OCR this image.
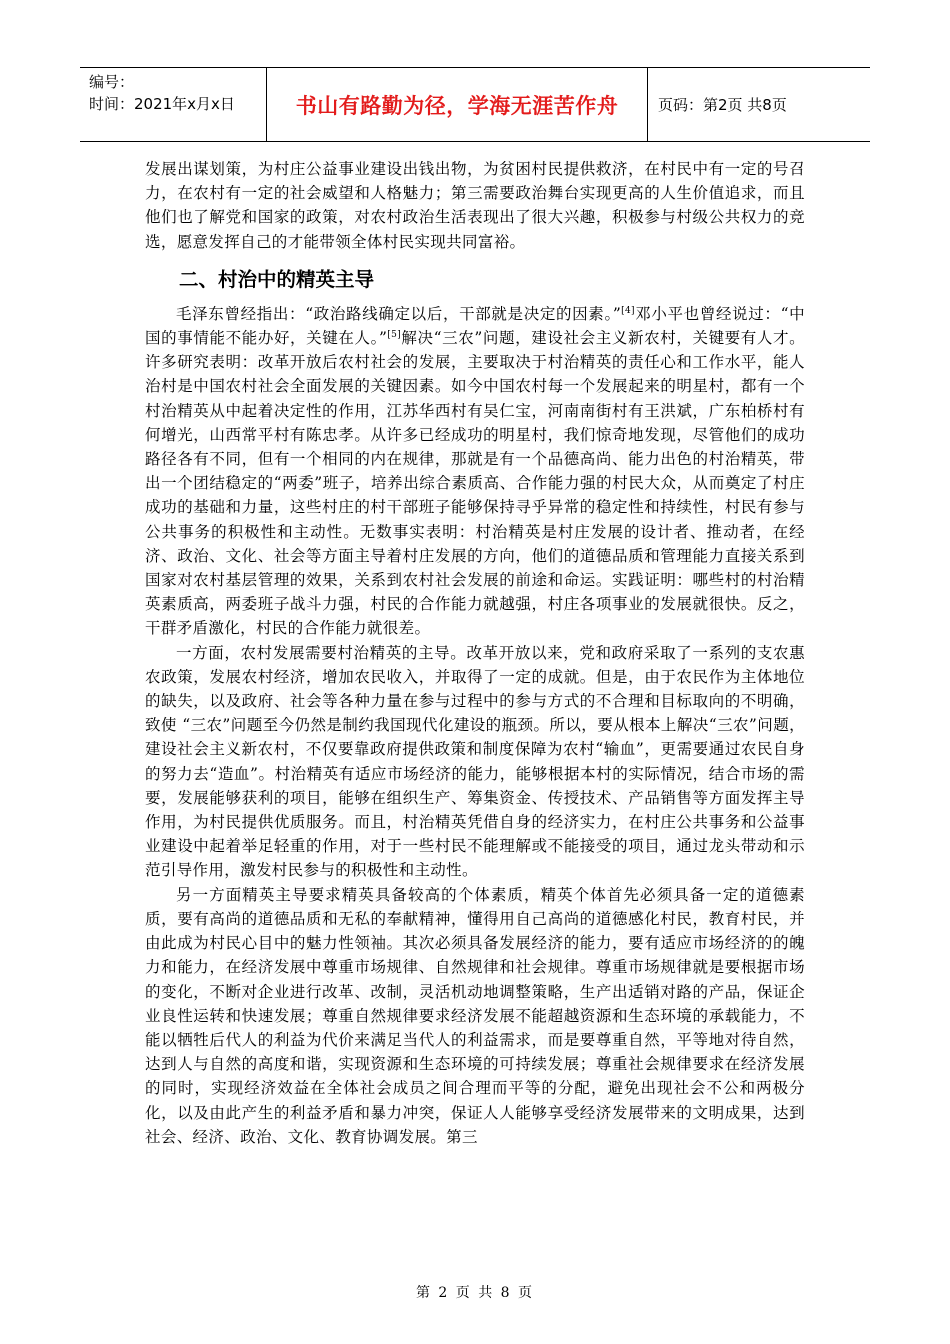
编号：
时间：2021年x月x日	书山有路勤为径，学海无涯苦作舟	页码：第2页 共8页

发展出谋划策，为村庄公益事业建设出钱出物，为贫困村民提供救济，在村民中有一定的号召力，在农村有一定的社会威望和人格魅力；第三需要政治舞台实现更高的人生价值追求，而且他们也了解党和国家的政策，对农村政治生活表现出了很大兴趣，积极参与村级公共权力的竞选，愿意发挥自己的才能带领全体村民实现共同富裕。

二、村治中的精英主导

毛泽东曾经指出：“政治路线确定以后，干部就是决定的因素。”[4]邓小平也曾经说过：“中国的事情能不能办好，关键在人。”[5]解决“三农”问题，建设社会主义新农村，关键要有人才。许多研究表明：改革开放后农村社会的发展，主要取决于村治精英的责任心和工作水平，能人治村是中国农村社会全面发展的关键因素。如今中国农村每一个发展起来的明星村，都有一个村治精英从中起着决定性的作用，江苏华西村有吴仁宝，河南南街村有王洪斌，广东柏桥村有何增光，山西常平村有陈忠孝。从许多已经成功的明星村，我们惊奇地发现，尽管他们的成功路径各有不同，但有一个相同的内在规律，那就是有一个品德高尚、能力出色的村治精英，带出一个团结稳定的“两委”班子，培养出综合素质高、合作能力强的村民大众，从而奠定了村庄成功的基础和力量，这些村庄的村干部班子能够保持寻乎异常的稳定性和持续性，村民有参与公共事务的积极性和主动性。无数事实表明：村治精英是村庄发展的设计者、推动者，在经济、政治、文化、社会等方面主导着村庄发展的方向，他们的道德品质和管理能力直接关系到国家对农村基层管理的效果，关系到农村社会发展的前途和命运。实践证明：哪些村的村治精英素质高，两委班子战斗力强，村民的合作能力就越强，村庄各项事业的发展就很快。反之，干群矛盾激化，村民的合作能力就很差。

一方面，农村发展需要村治精英的主导。改革开放以来，党和政府采取了一系列的支农惠农政策，发展农村经济，增加农民收入，并取得了一定的成就。但是，由于农民作为主体地位的缺失，以及政府、社会等各种力量在参与过程中的参与方式的不合理和目标取向的不明确，致使 “三农”问题至今仍然是制约我国现代化建设的瓶颈。所以，要从根本上解决“三农”问题，建设社会主义新农村，不仅要靠政府提供政策和制度保障为农村“输血”，更需要通过农民自身的努力去“造血”。村治精英有适应市场经济的能力，能够根据本村的实际情况，结合市场的需要，发展能够获利的项目，能够在组织生产、筹集资金、传授技术、产品销售等方面发挥主导作用，为村民提供优质服务。而且，村治精英凭借自身的经济实力，在村庄公共事务和公益事业建设中起着举足轻重的作用，对于一些村民不能理解或不能接受的项目，通过龙头带动和示范引导作用，激发村民参与的积极性和主动性。

另一方面精英主导要求精英具备较高的个体素质，精英个体首先必须具备一定的道德素质，要有高尚的道德品质和无私的奉献精神，懂得用自己高尚的道德感化村民，教育村民，并由此成为村民心目中的魅力性领袖。其次必须具备发展经济的能力，要有适应市场经济的的魄力和能力，在经济发展中尊重市场规律、自然规律和社会规律。尊重市场规律就是要根据市场的变化，不断对企业进行改革、改制，灵活机动地调整策略，生产出适销对路的产品，保证企业良性运转和快速发展；尊重自然规律要求经济发展不能超越资源和生态环境的承载能力，不能以牺牲后代人的利益为代价来满足当代人的利益需求，而是要尊重自然，平等地对待自然，达到人与自然的高度和谐，实现资源和生态环境的可持续发展；尊重社会规律要求在经济发展的同时，实现经济效益在全体社会成员之间合理而平等的分配，避免出现社会不公和两极分化，以及由此产生的利益矛盾和暴力冲突，保证人人能够享受经济发展带来的文明成果，达到社会、经济、政治、文化、教育协调发展。第三

第 2 页 共 8 页
